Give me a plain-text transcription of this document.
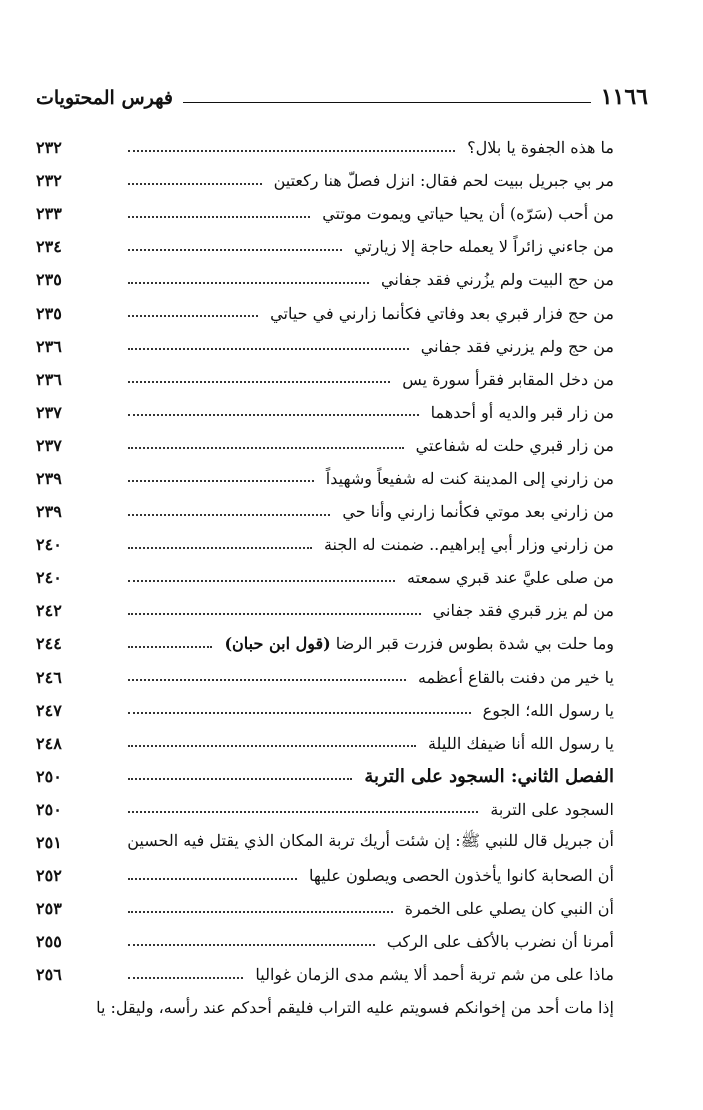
١١٦٦
فهرس المحتويات
ما هذه الجفوة يا بلال؟
٢٣٢
مر بي جبريل ببيت لحم فقال: انزل فصلّ هنا ركعتين
٢٣٢
من أحب (سَرّه) أن يحيا حياتي ويموت موتتي
٢٣٣
من جاءني زائراً لا يعمله حاجة إلا زيارتي
٢٣٤
من حج البيت ولم يزُرني فقد جفاني
٢٣٥
من حج فزار قبري بعد وفاتي فكأنما زارني في حياتي
٢٣٥
من حج ولم يزرني فقد جفاني
٢٣٦
من دخل المقابر فقرأ سورة يس
٢٣٦
من زار قبر والديه أو أحدهما
٢٣٧
من زار قبري حلت له شفاعتي
٢٣٧
من زارني إلى المدينة كنت له شفيعاً وشهيداً
٢٣٩
من زارني بعد موتي فكأنما زارني وأنا حي
٢٣٩
من زارني وزار أبي إبراهيم.. ضمنت له الجنة
٢٤٠
من صلى عليَّ عند قبري سمعته
٢٤٠
من لم يزر قبري فقد جفاني
٢٤٢
وما حلت بي شدة بطوس فزرت قبر الرضا (قول ابن حبان)
٢٤٤
يا خير من دفنت بالقاع أعظمه
٢٤٦
يا رسول الله؛ الجوع
٢٤٧
يا رسول الله أنا ضيفك الليلة
٢٤٨
الفصل الثاني: السجود على التربة
٢٥٠
السجود على التربة
٢٥٠
أن جبريل قال للنبي ﷺ: إن شئت أريك تربة المكان الذي يقتل فيه الحسين
٢٥١
أن الصحابة كانوا يأخذون الحصى ويصلون عليها
٢٥٢
أن النبي كان يصلي على الخمرة
٢٥٣
أمرنا أن نضرب بالأكف على الركب
٢٥٥
ماذا على من شم تربة أحمد ألا يشم مدى الزمان غواليا
٢٥٦
إذا مات أحد من إخوانكم فسويتم عليه التراب فليقم أحدكم عند رأسه، وليقل: يا
